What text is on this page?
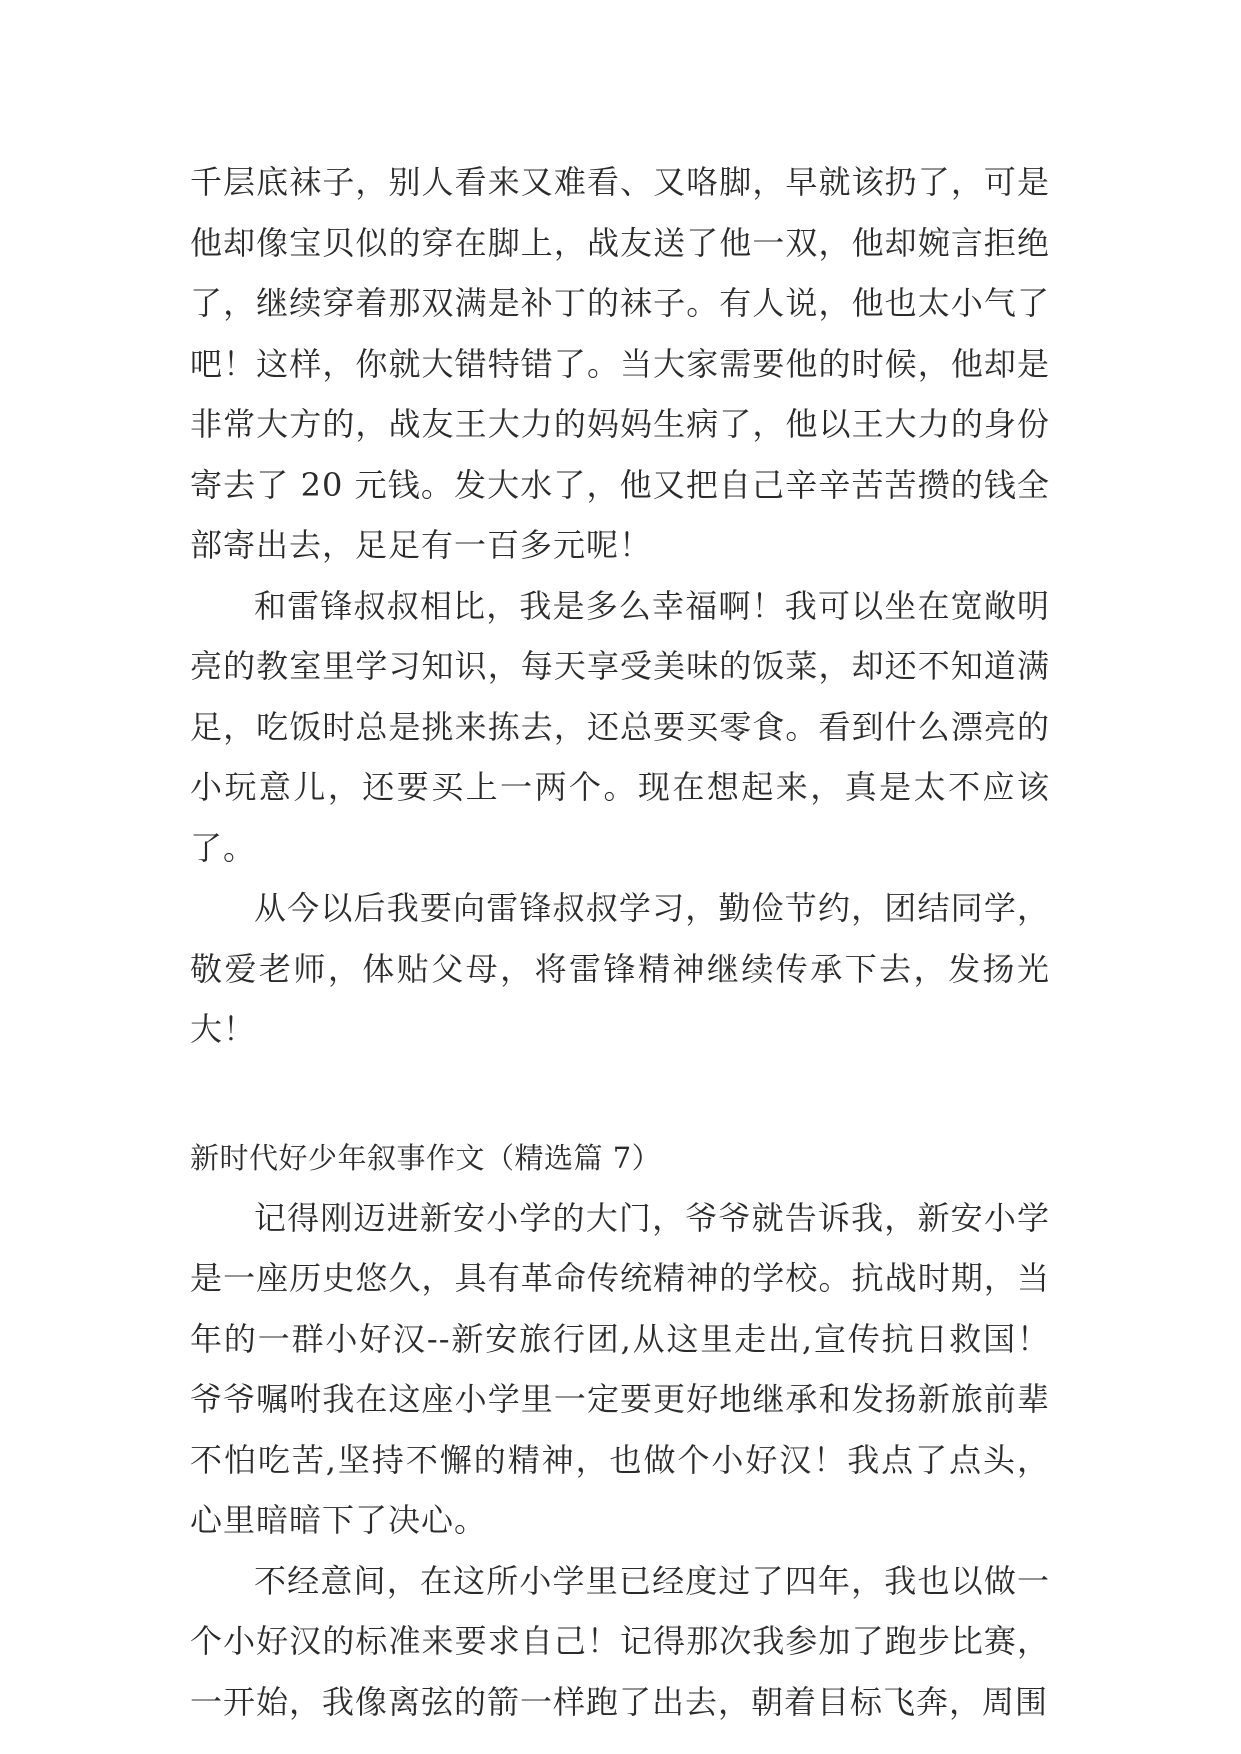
千层底袜子，别人看来又难看、又咯脚，早就该扔了，可是他却像宝贝似的穿在脚上，战友送了他一双，他却婉言拒绝了，继续穿着那双满是补丁的袜子。有人说，他也太小气了吧！这样，你就大错特错了。当大家需要他的时候，他却是非常大方的，战友王大力的妈妈生病了，他以王大力的身份寄去了 20 元钱。发大水了，他又把自己辛辛苦苦攒的钱全部寄出去，足足有一百多元呢！

和雷锋叔叔相比，我是多么幸福啊！我可以坐在宽敞明亮的教室里学习知识，每天享受美味的饭菜，却还不知道满足，吃饭时总是挑来拣去，还总要买零食。看到什么漂亮的小玩意儿，还要买上一两个。现在想起来，真是太不应该了。

从今以后我要向雷锋叔叔学习，勤俭节约，团结同学，敬爱老师，体贴父母，将雷锋精神继续传承下去，发扬光大！

新时代好少年叙事作文（精选篇 7）

记得刚迈进新安小学的大门，爷爷就告诉我，新安小学是一座历史悠久，具有革命传统精神的学校。抗战时期，当年的一群小好汉--新安旅行团,从这里走出,宣传抗日救国！爷爷嘱咐我在这座小学里一定要更好地继承和发扬新旅前辈不怕吃苦,坚持不懈的精神，也做个小好汉！我点了点头，心里暗暗下了决心。

不经意间，在这所小学里已经度过了四年，我也以做一个小好汉的标准来要求自己！记得那次我参加了跑步比赛，一开始，我像离弦的箭一样跑了出去，朝着目标飞奔，周围
